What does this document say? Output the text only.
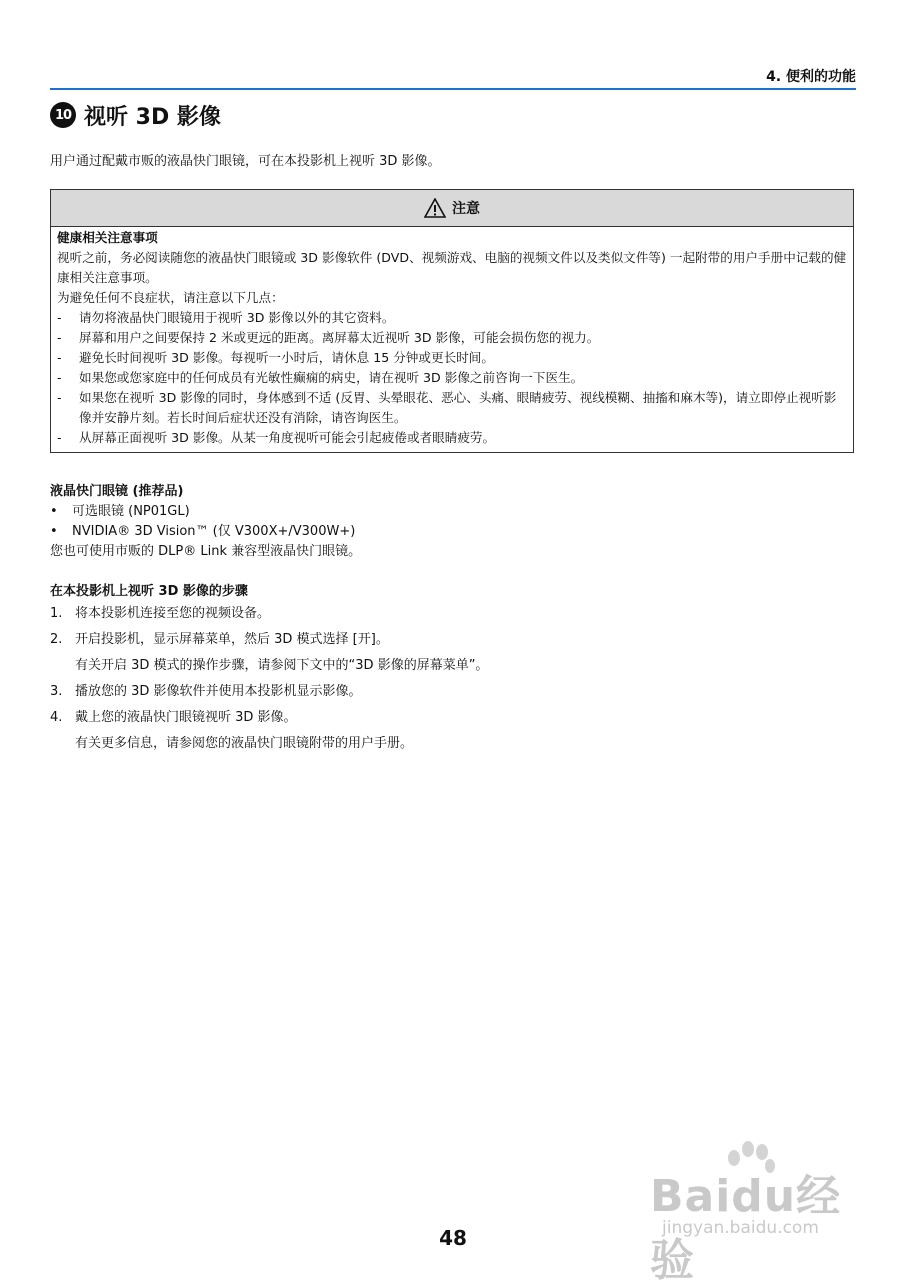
4. 便利的功能
10 视听 3D 影像
用户通过配戴市贩的液晶快门眼镜，可在本投影机上视听 3D 影像。
注意
健康相关注意事项
视听之前，务必阅读随您的液晶快门眼镜或 3D 影像软件 (DVD、视频游戏、电脑的视频文件以及类似文件等) 一起附带的用户手册中记载的健康相关注意事项。
为避免任何不良症状，请注意以下几点：
- 请勿将液晶快门眼镜用于视听 3D 影像以外的其它资料。
- 屏幕和用户之间要保持 2 米或更远的距离。离屏幕太近视听 3D 影像，可能会损伤您的视力。
- 避免长时间视听 3D 影像。每视听一小时后，请休息 15 分钟或更长时间。
- 如果您或您家庭中的任何成员有光敏性癫痫的病史，请在视听 3D 影像之前咨询一下医生。
- 如果您在视听 3D 影像的同时，身体感到不适 (反胃、头晕眼花、恶心、头痛、眼睛疲劳、视线模糊、抽搐和麻木等)，请立即停止视听影像并安静片刻。若长时间后症状还没有消除，请咨询医生。
- 从屏幕正面视听 3D 影像。从某一角度视听可能会引起疲倦或者眼睛疲劳。
液晶快门眼镜 (推荐品)
• 可选眼镜 (NP01GL)
• NVIDIA® 3D Vision™ (仅 V300X+/V300W+)
您也可使用市贩的 DLP® Link 兼容型液晶快门眼镜。
在本投影机上视听 3D 影像的步骤
1. 将本投影机连接至您的视频设备。
2. 开启投影机，显示屏幕菜单，然后 3D 模式选择 [开]。
有关开启 3D 模式的操作步骤，请参阅下文中的“3D 影像的屏幕菜单”。
3. 播放您的 3D 影像软件并使用本投影机显示影像。
4. 戴上您的液晶快门眼镜视听 3D 影像。
有关更多信息，请参阅您的液晶快门眼镜附带的用户手册。
48
Baidu经验
jingyan.baidu.com
